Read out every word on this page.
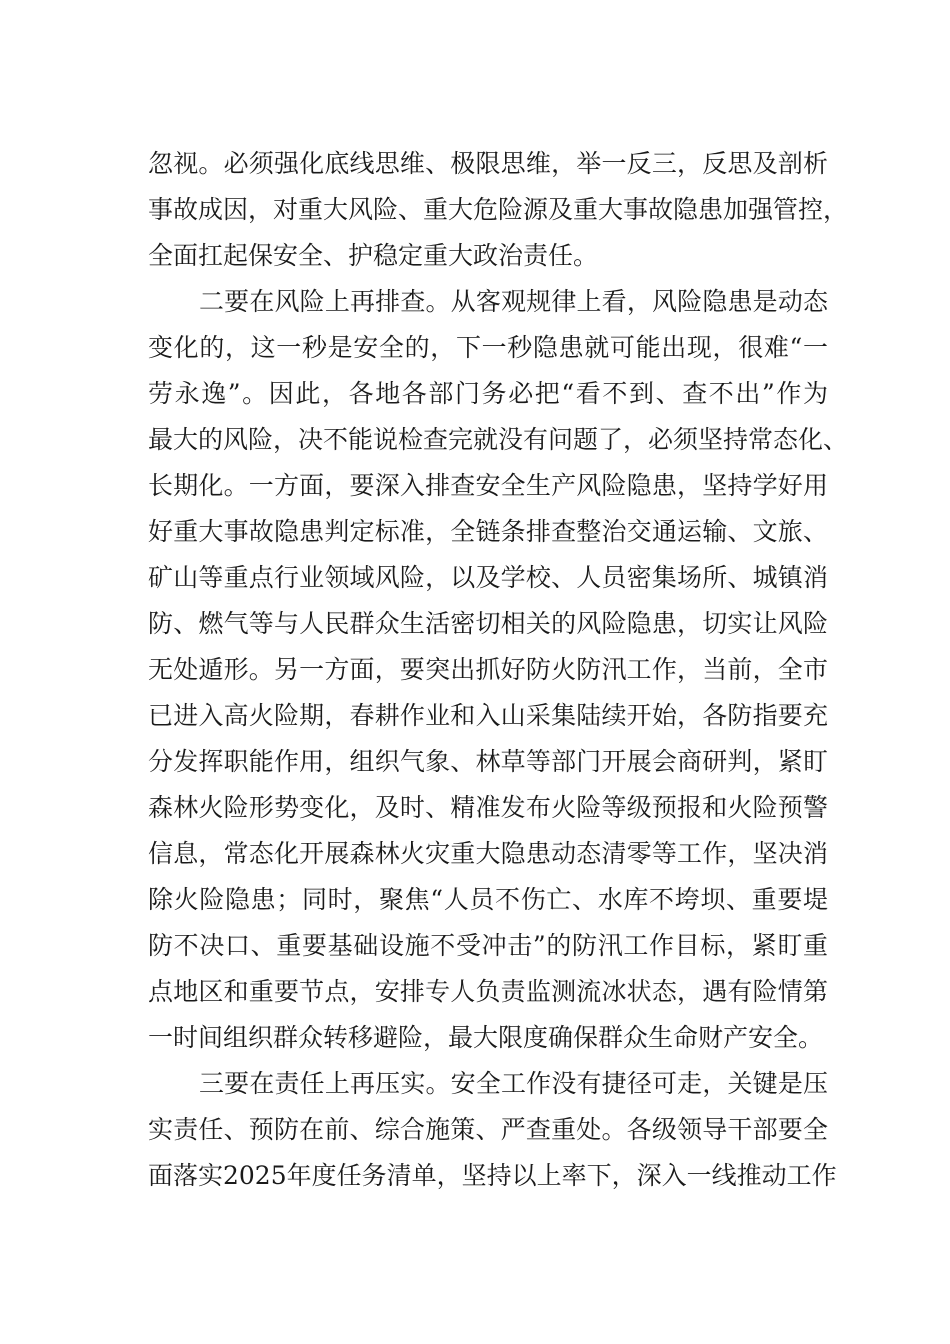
忽视。必须强化底线思维、极限思维，举一反三，反思及剖析
事故成因，对重大风险、重大危险源及重大事故隐患加强管控，
全面扛起保安全、护稳定重大政治责任。
二要在风险上再排查。从客观规律上看，风险隐患是动态
变化的，这一秒是安全的，下一秒隐患就可能出现，很难“一
劳永逸”。因此，各地各部门务必把“看不到、查不出”作为
最大的风险，决不能说检查完就没有问题了，必须坚持常态化、
长期化。一方面，要深入排查安全生产风险隐患，坚持学好用
好重大事故隐患判定标准，全链条排查整治交通运输、文旅、
矿山等重点行业领域风险，以及学校、人员密集场所、城镇消
防、燃气等与人民群众生活密切相关的风险隐患，切实让风险
无处遁形。另一方面，要突出抓好防火防汛工作，当前，全市
已进入高火险期，春耕作业和入山采集陆续开始，各防指要充
分发挥职能作用，组织气象、林草等部门开展会商研判，紧盯
森林火险形势变化，及时、精准发布火险等级预报和火险预警
信息，常态化开展森林火灾重大隐患动态清零等工作，坚决消
除火险隐患；同时，聚焦“人员不伤亡、水库不垮坝、重要堤
防不决口、重要基础设施不受冲击”的防汛工作目标，紧盯重
点地区和重要节点，安排专人负责监测流冰状态，遇有险情第
一时间组织群众转移避险，最大限度确保群众生命财产安全。
三要在责任上再压实。安全工作没有捷径可走，关键是压
实责任、预防在前、综合施策、严查重处。各级领导干部要全
面落实2025年度任务清单，坚持以上率下，深入一线推动工作
